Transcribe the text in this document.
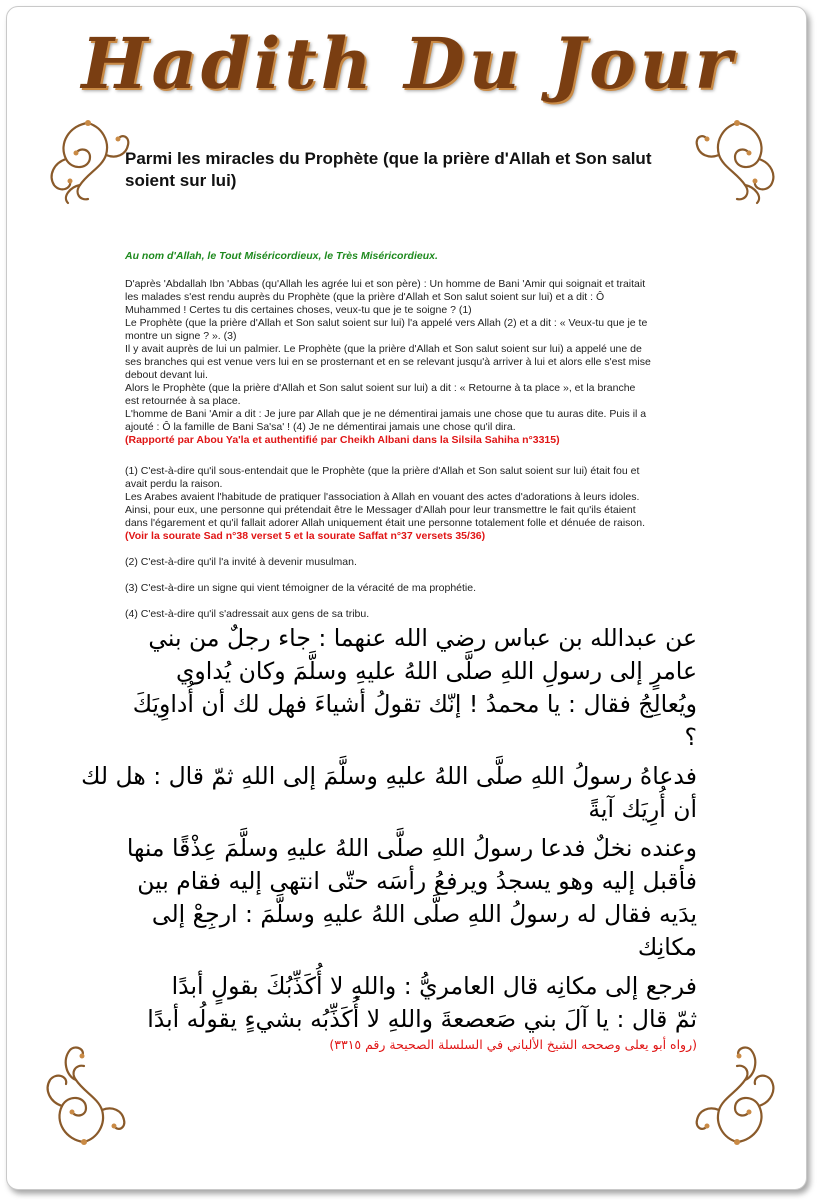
Hadith Du Jour
Parmi les miracles du Prophète (que la prière d'Allah et Son salut soient sur lui)
Au nom d'Allah, le Tout Miséricordieux, le Très Miséricordieux.
D'après 'Abdallah Ibn 'Abbas (qu'Allah les agrée lui et son père) : Un homme de Bani 'Amir qui soignait et traitait
les malades s'est rendu auprès du Prophète (que la prière d'Allah et Son salut soient sur lui) et a dit : Ô
Muhammed ! Certes tu dis certaines choses, veux-tu que je te soigne ? (1)
Le Prophète (que la prière d'Allah et Son salut soient sur lui) l'a appelé vers Allah (2) et a dit : « Veux-tu que je te
montre un signe ? ». (3)
Il y avait auprès de lui un palmier. Le Prophète (que la prière d'Allah et Son salut soient sur lui) a appelé une de
ses branches qui est venue vers lui en se prosternant et en se relevant jusqu'à arriver à lui et alors elle s'est mise
debout devant lui.
Alors le Prophète (que la prière d'Allah et Son salut soient sur lui) a dit : « Retourne à ta place », et la branche
est retournée à sa place.
L'homme de Bani 'Amir a dit : Je jure par Allah que je ne démentirai jamais une chose que tu auras dite. Puis il a
ajouté : Ô la famille de Bani Sa'sa' ! (4) Je ne démentirai jamais une chose qu'il dira.
(Rapporté par Abou Ya'la et authentifié par Cheikh Albani dans la Silsila Sahiha n°3315)
(1) C'est-à-dire qu'il sous-entendait que le Prophète (que la prière d'Allah et Son salut soient sur lui) était fou et
avait perdu la raison.
Les Arabes avaient l'habitude de pratiquer l'association à Allah en vouant des actes d'adorations à leurs idoles.
Ainsi, pour eux, une personne qui prétendait être le Messager d'Allah pour leur transmettre le fait qu'ils étaient
dans l'égarement et qu'il fallait adorer Allah uniquement était une personne totalement folle et dénuée de raison.
(Voir la sourate Sad n°38 verset 5 et la sourate Saffat n°37 versets 35/36)
(2) C'est-à-dire qu'il l'a invité à devenir musulman.
(3) C'est-à-dire un signe qui vient témoigner de la véracité de ma prophétie.
(4) C'est-à-dire qu'il s'adressait aux gens de sa tribu.
عن عبدالله بن عباس رضي الله عنهما : جاء رجلٌ من بني
عامرٍ إلى رسولِ اللهِ صلَّى اللهُ عليهِ وسلَّمَ وكان يُداوي
ويُعالِجُ فقال : يا محمدُ ! إنّك تقولُ أشياءَ فهل لك أن أُداوِيَكَ
؟
فدعاهُ رسولُ اللهِ صلَّى اللهُ عليهِ وسلَّمَ إلى اللهِ ثمّ قال : هل لك
أن أُرِيَك آيةً
وعنده نخلٌ فدعا رسولُ اللهِ صلَّى اللهُ عليهِ وسلَّمَ عِذْقًا منها
فأقبل إليه وهو يسجدُ ويرفعُ رأسَه حتّى انتهى إليه فقام بين
يدَيه فقال له رسولُ اللهِ صلَّى اللهُ عليهِ وسلَّمَ : ارجِعْ إلى
مكانِك
فرجع إلى مكانِه قال العامريُّ : واللهِ لا أُكَذِّبُكَ بقولٍ أبدًا
ثمّ قال : يا آلَ بني صَعصعةَ واللهِ لا أُكَذِّبُه بشيءٍ يقولُه أبدًا
(رواه أبو يعلى وصححه الشيخ الألباني في السلسلة الصحيحة رقم ٣٣١٥)
